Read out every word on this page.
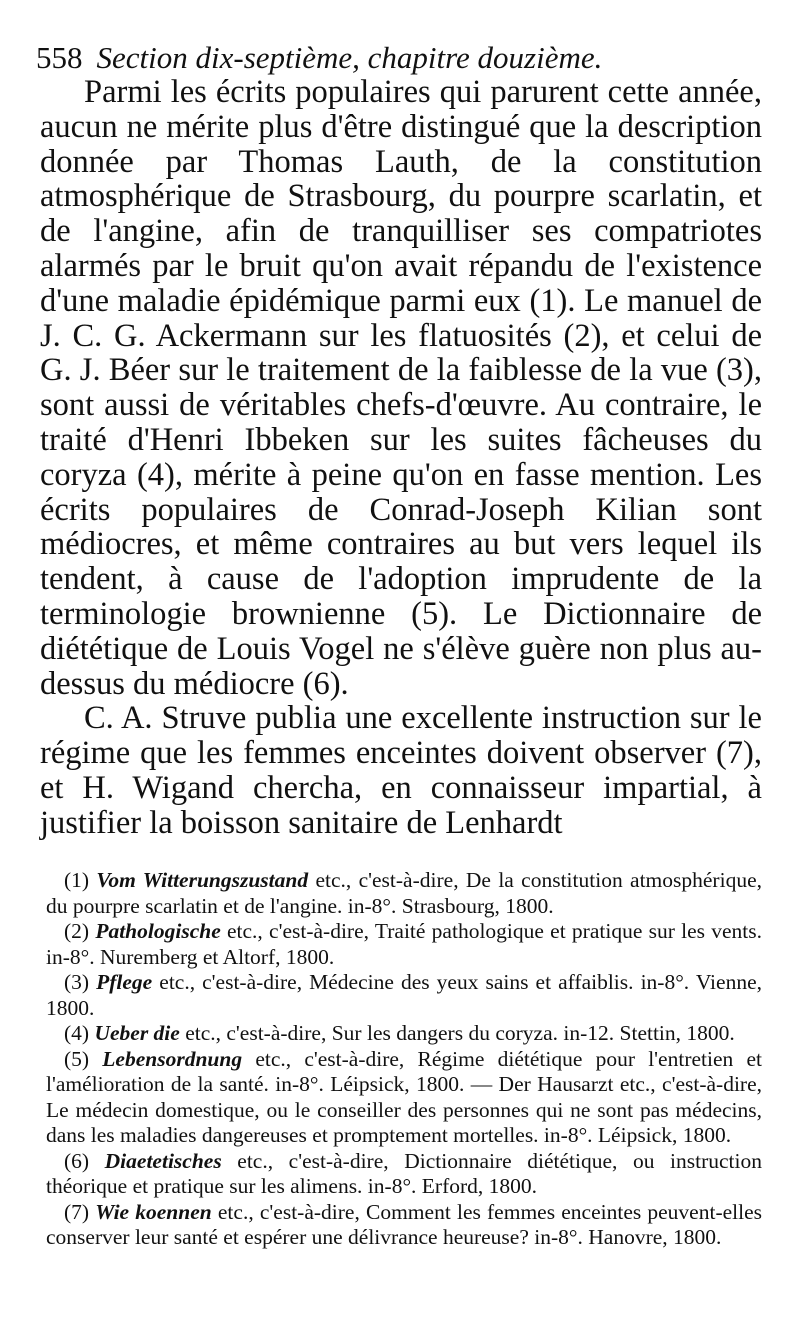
558 Section dix-septième, chapitre douzième.

Parmi les écrits populaires qui parurent cette année, aucun ne mérite plus d'être distingué que la description donnée par Thomas Lauth, de la constitution atmosphérique de Strasbourg, du pourpre scarlatin, et de l'angine, afin de tranquilliser ses compatriotes alarmés par le bruit qu'on avait répandu de l'existence d'une maladie épidémique parmi eux (1). Le manuel de J. C. G. Ackermann sur les flatuosités (2), et celui de G. J. Béer sur le traitement de la faiblesse de la vue (3), sont aussi de véritables chefs-d'œuvre. Au contraire, le traité d'Henri Ibbeken sur les suites fâcheuses du coryza (4), mérite à peine qu'on en fasse mention. Les écrits populaires de Conrad-Joseph Kilian sont médiocres, et même contraires au but vers lequel ils tendent, à cause de l'adoption imprudente de la terminologie brownienne (5). Le Dictionnaire de diététique de Louis Vogel ne s'élève guère non plus au-dessus du médiocre (6).

C. A. Struve publia une excellente instruction sur le régime que les femmes enceintes doivent observer (7), et H. Wigand chercha, en connaisseur impartial, à justifier la boisson sanitaire de Lenhardt

(1) Vom Witterungszustand etc., c'est-à-dire, De la constitution atmosphérique, du pourpre scarlatin et de l'angine. in-8°. Strasbourg, 1800.

(2) Pathologische etc., c'est-à-dire, Traité pathologique et pratique sur les vents. in-8°. Nuremberg et Altorf, 1800.

(3) Pflege etc., c'est-à-dire, Médecine des yeux sains et affaiblis. in-8°. Vienne, 1800.

(4) Ueber die etc., c'est-à-dire, Sur les dangers du coryza. in-12. Stettin, 1800.

(5) Lebensordnung etc., c'est-à-dire, Régime diététique pour l'entretien et l'amélioration de la santé. in-8°. Léipsick, 1800. — Der Hausarzt etc., c'est-à-dire, Le médecin domestique, ou le conseiller des personnes qui ne sont pas médecins, dans les maladies dangereuses et promptement mortelles. in-8°. Léipsick, 1800.

(6) Diaetetisches etc., c'est-à-dire, Dictionnaire diététique, ou instruction théorique et pratique sur les alimens. in-8°. Erford, 1800.

(7) Wie koennen etc., c'est-à-dire, Comment les femmes enceintes peuvent-elles conserver leur santé et espérer une délivrance heureuse? in-8°. Hanovre, 1800.
